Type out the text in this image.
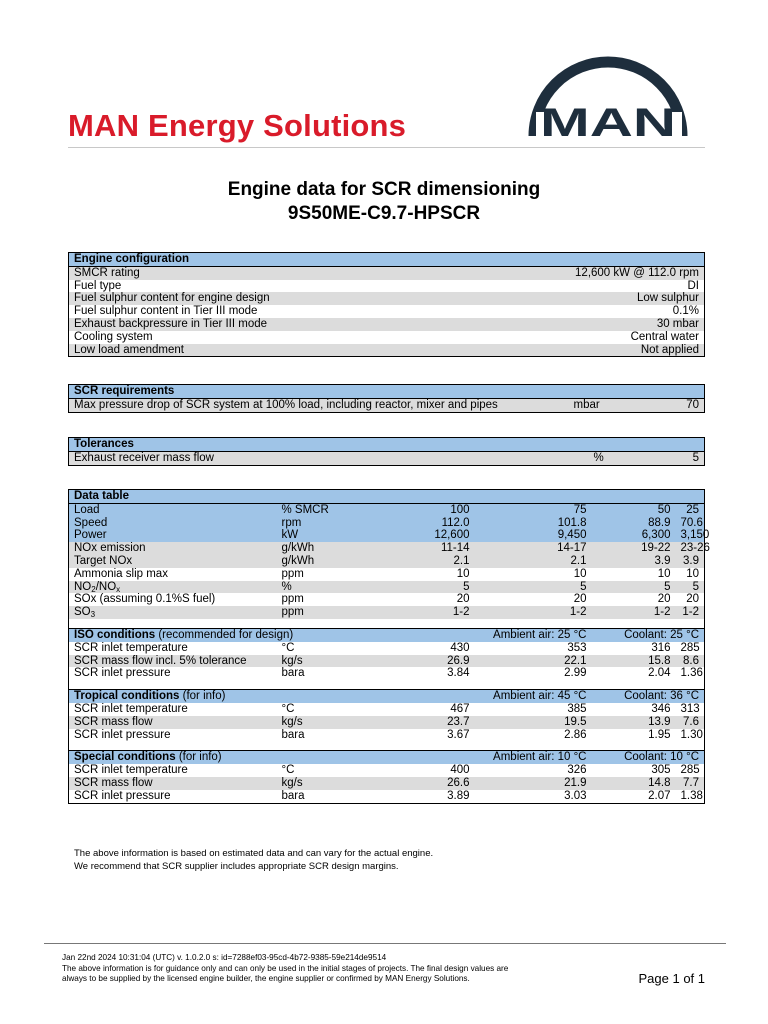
MAN Energy Solutions	MAN
Engine data for SCR dimensioning
9S50ME-C9.7-HPSCR
Engine configuration	
SMCR rating	12,600 kW @ 112.0 rpm
Fuel type	DI
Fuel sulphur content for engine design	Low sulphur
Fuel sulphur content in Tier III mode	0.1%
Exhaust backpressure in Tier III mode	30 mbar
Cooling system	Central water
Low load amendment	Not applied
SCR requirements
Max pressure drop of SCR system at 100% load, including reactor, mixer and pipes	mbar	70
Tolerances
Exhaust receiver mass flow	%	5
Data table					
Load	% SMCR	100	75	50	25
Speed	rpm	112.0	101.8	88.9	70.6
Power	kW	12,600	9,450	6,300	3,150
NOx emission	g/kWh	11-14	14-17	19-22	23-26
Target NOx	g/kWh	2.1	2.1	3.9	3.9
Ammonia slip max	ppm	10	10	10	10
$NO_2/NO_x$	%	5	5	5	5
SOx (assuming 0.1%S fuel)	ppm	20	20	20	20
$SO_3$	ppm	1-2	1-2	1-2	1-2

ISO conditions (recommended for design)			Ambient air: 25 °C	Coolant: 25 °C	
SCR inlet temperature	°C	430	353	316	285
SCR mass flow incl. 5% tolerance	kg/s	26.9	22.1	15.8	8.6
SCR inlet pressure	bara	3.84	2.99	2.04	1.36

Tropical conditions (for info)			Ambient air: 45 °C	Coolant: 36 °C	
SCR inlet temperature	°C	467	385	346	313
SCR mass flow	kg/s	23.7	19.5	13.9	7.6
SCR inlet pressure	bara	3.67	2.86	1.95	1.30

Special conditions (for info)			Ambient air: 10 °C	Coolant: 10 °C	
SCR inlet temperature	°C	400	326	305	285
SCR mass flow	kg/s	26.6	21.9	14.8	7.7
SCR inlet pressure	bara	3.89	3.03	2.07	1.38
The above information is based on estimated data and can vary for the actual engine.
We recommend that SCR supplier includes appropriate SCR design margins.
Jan 22nd 2024 10:31:04 (UTC) v. 1.0.2.0 s: id=7288ef03-95cd-4b72-9385-59e214de9514
The above information is for guidance only and can only be used in the initial stages of projects. The final design values are
always to be supplied by the licensed engine builder, the engine supplier or confirmed by MAN Energy Solutions.	Page 1 of 1
